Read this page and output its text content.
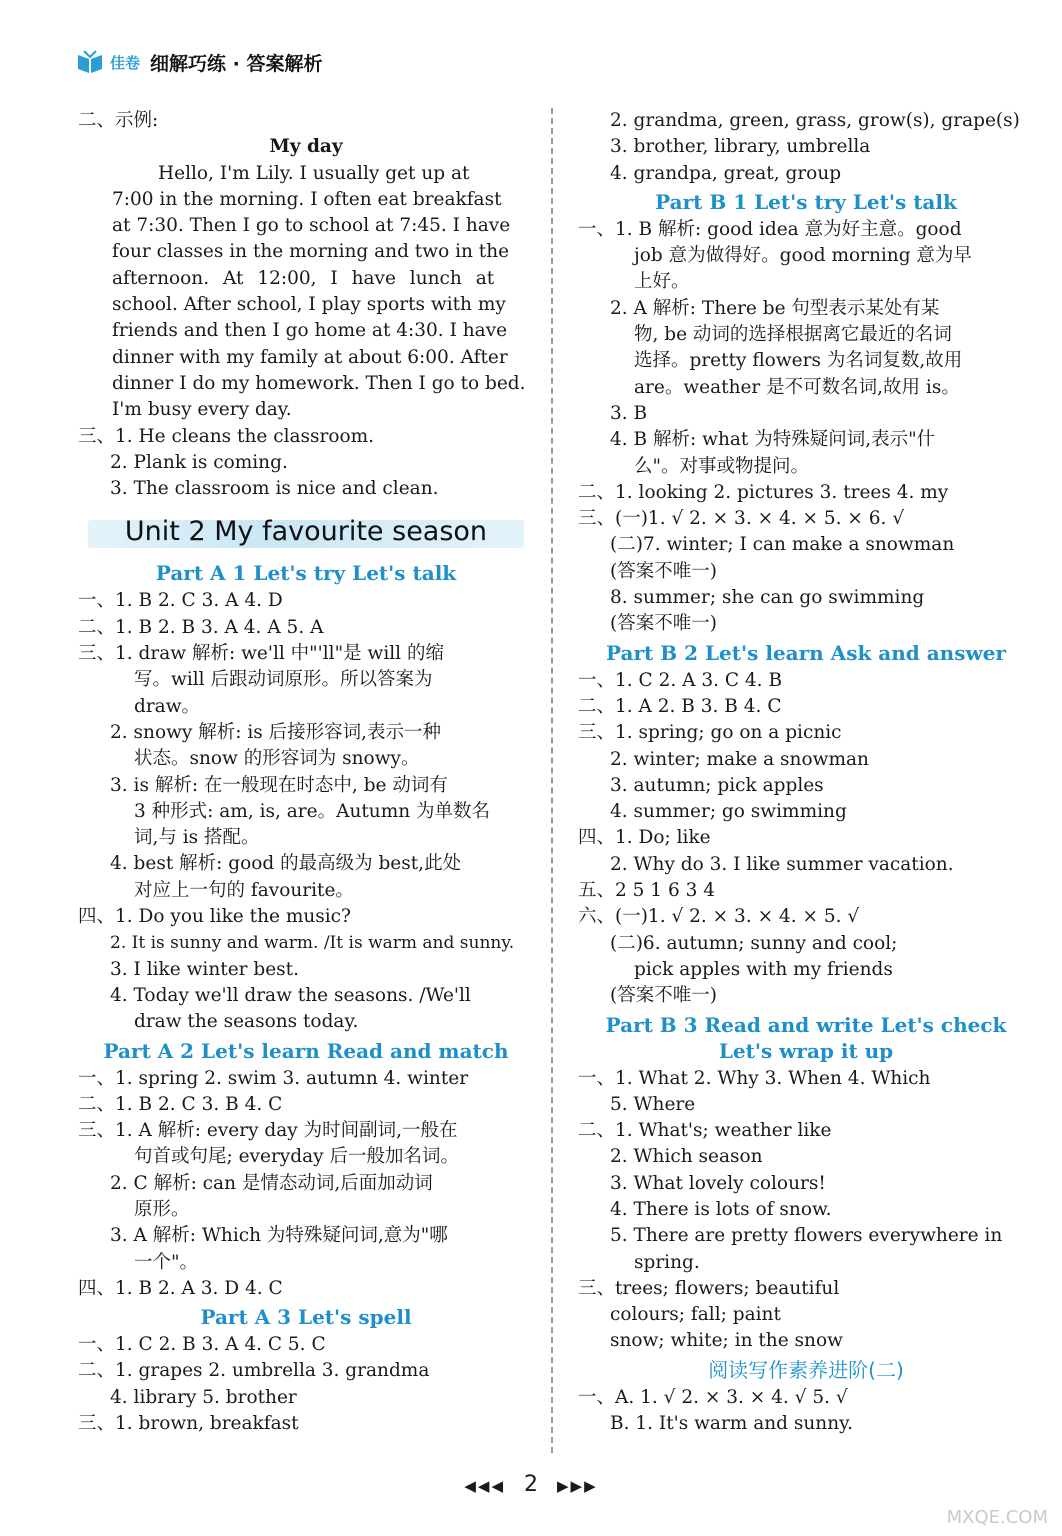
佳卷 细解巧练 · 答案解析
二、示例:
My day
Hello, I'm Lily. I usually get up at
7:00 in the morning. I often eat breakfast
at 7:30. Then I go to school at 7:45. I have
four classes in the morning and two in the
afternoon. At 12:00, I have lunch at
school. After school, I play sports with my
friends and then I go home at 4:30. I have
dinner with my family at about 6:00. After
dinner I do my homework. Then I go to bed.
I'm busy every day.
三、1. He cleans the classroom.
2. Plank is coming.
3. The classroom is nice and clean.
Unit 2 My favourite season
Part A 1 Let's try Let's talk
一、1. B 2. C 3. A 4. D
二、1. B 2. B 3. A 4. A 5. A
三、1. draw 解析: we'll 中"'ll"是 will 的缩
写。will 后跟动词原形。所以答案为
draw。
2. snowy 解析: is 后接形容词,表示一种
状态。snow 的形容词为 snowy。
3. is 解析: 在一般现在时态中, be 动词有
3 种形式: am, is, are。Autumn 为单数名
词,与 is 搭配。
4. best 解析: good 的最高级为 best,此处
对应上一句的 favourite。
四、1. Do you like the music?
2. It is sunny and warm. /It is warm and sunny.
3. I like winter best.
4. Today we'll draw the seasons. /We'll
draw the seasons today.
Part A 2 Let's learn Read and match
一、1. spring 2. swim 3. autumn 4. winter
二、1. B 2. C 3. B 4. C
三、1. A 解析: every day 为时间副词,一般在
句首或句尾; everyday 后一般加名词。
2. C 解析: can 是情态动词,后面加动词
原形。
3. A 解析: Which 为特殊疑问词,意为"哪
一个"。
四、1. B 2. A 3. D 4. C
Part A 3 Let's spell
一、1. C 2. B 3. A 4. C 5. C
二、1. grapes 2. umbrella 3. grandma
4. library 5. brother
三、1. brown, breakfast
2. grandma, green, grass, grow(s), grape(s)
3. brother, library, umbrella
4. grandpa, great, group
Part B 1 Let's try Let's talk
一、1. B 解析: good idea 意为好主意。good
job 意为做得好。good morning 意为早
上好。
2. A 解析: There be 句型表示某处有某
物, be 动词的选择根据离它最近的名词
选择。pretty flowers 为名词复数,故用
are。weather 是不可数名词,故用 is。
3. B
4. B 解析: what 为特殊疑问词,表示"什
么"。对事或物提问。
二、1. looking 2. pictures 3. trees 4. my
三、(一)1. √ 2. × 3. × 4. × 5. × 6. √
(二)7. winter; I can make a snowman
(答案不唯一)
8. summer; she can go swimming
(答案不唯一)
Part B 2 Let's learn Ask and answer
一、1. C 2. A 3. C 4. B
二、1. A 2. B 3. B 4. C
三、1. spring; go on a picnic
2. winter; make a snowman
3. autumn; pick apples
4. summer; go swimming
四、1. Do; like
2. Why do 3. I like summer vacation.
五、2 5 1 6 3 4
六、(一)1. √ 2. × 3. × 4. × 5. √
(二)6. autumn; sunny and cool;
pick apples with my friends
(答案不唯一)
Part B 3 Read and write Let's check
Let's wrap it up
一、1. What 2. Why 3. When 4. Which
5. Where
二、1. What's; weather like
2. Which season
3. What lovely colours!
4. There is lots of snow.
5. There are pretty flowers everywhere in
spring.
三、trees; flowers; beautiful
colours; fall; paint
snow; white; in the snow
阅读写作素养进阶(二)
一、A. 1. √ 2. × 3. × 4. √ 5. √
B. 1. It's warm and sunny.
◀◀◀ 2 ▶▶▶
MXQE.COM
